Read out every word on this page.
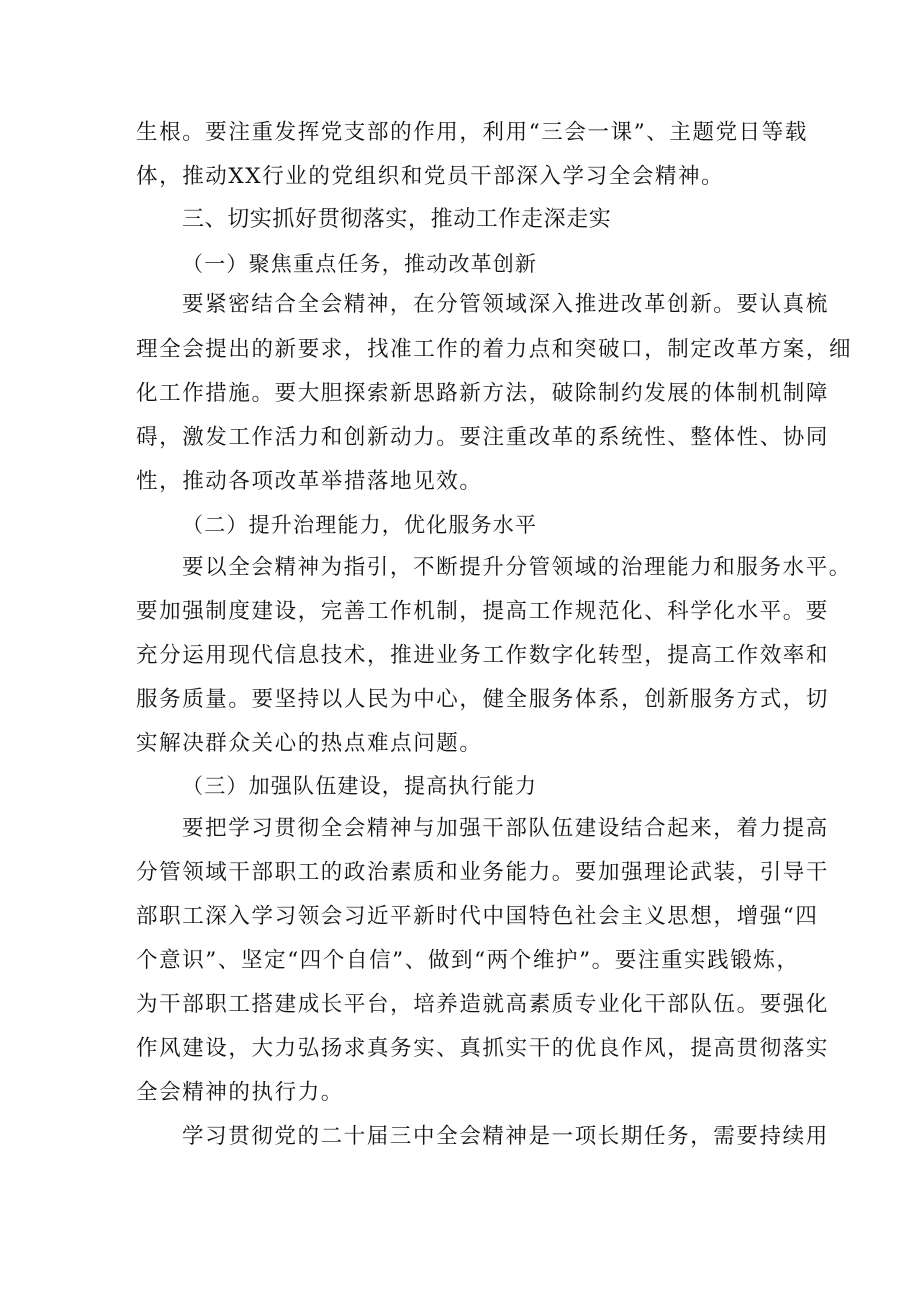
生根。要注重发挥党支部的作用，利用“三会一课”、主题党日等载
体，推动XX行业的党组织和党员干部深入学习全会精神。
三、切实抓好贯彻落实，推动工作走深走实
（一）聚焦重点任务，推动改革创新
要紧密结合全会精神，在分管领域深入推进改革创新。要认真梳
理全会提出的新要求，找准工作的着力点和突破口，制定改革方案，细
化工作措施。要大胆探索新思路新方法，破除制约发展的体制机制障
碍，激发工作活力和创新动力。要注重改革的系统性、整体性、协同
性，推动各项改革举措落地见效。
（二）提升治理能力，优化服务水平
要以全会精神为指引，不断提升分管领域的治理能力和服务水平。
要加强制度建设，完善工作机制，提高工作规范化、科学化水平。要
充分运用现代信息技术，推进业务工作数字化转型，提高工作效率和
服务质量。要坚持以人民为中心，健全服务体系，创新服务方式，切
实解决群众关心的热点难点问题。
（三）加强队伍建设，提高执行能力
要把学习贯彻全会精神与加强干部队伍建设结合起来，着力提高
分管领域干部职工的政治素质和业务能力。要加强理论武装，引导干
部职工深入学习领会习近平新时代中国特色社会主义思想，增强“四
个意识”、坚定“四个自信”、做到“两个维护”。要注重实践锻炼，
为干部职工搭建成长平台，培养造就高素质专业化干部队伍。要强化
作风建设，大力弘扬求真务实、真抓实干的优良作风，提高贯彻落实
全会精神的执行力。
学习贯彻党的二十届三中全会精神是一项长期任务，需要持续用
